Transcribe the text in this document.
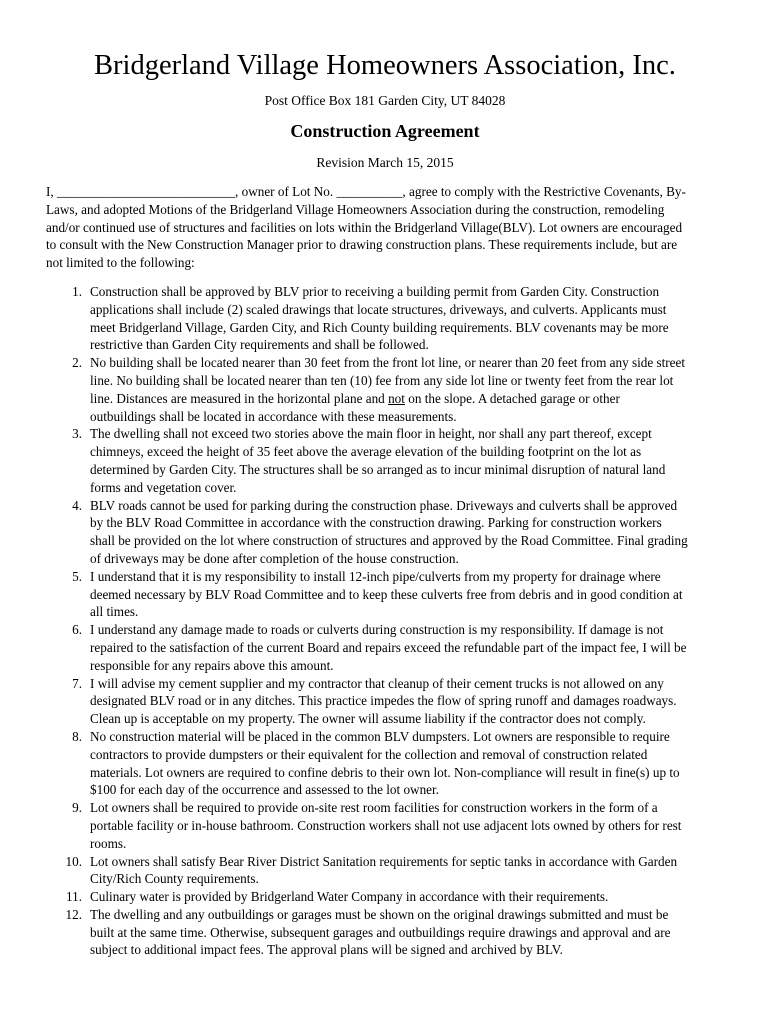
Bridgerland Village Homeowners Association, Inc.
Post Office Box 181 Garden City, UT 84028
Construction Agreement
Revision March 15, 2015
I, ___________________________, owner of Lot No. __________, agree to comply with the Restrictive Covenants, By-
Laws, and adopted Motions of the Bridgerland Village Homeowners Association during the construction, remodeling
and/or continued use of structures and facilities on lots within the Bridgerland Village(BLV). Lot owners are encouraged
to consult with the New Construction Manager prior to drawing construction plans. These requirements include, but are
not limited to the following:
1. Construction shall be approved by BLV prior to receiving a building permit from Garden City. Construction
applications shall include (2) scaled drawings that locate structures, driveways, and culverts. Applicants must
meet Bridgerland Village, Garden City, and Rich County building requirements. BLV covenants may be more
restrictive than Garden City requirements and shall be followed.
2. No building shall be located nearer than 30 feet from the front lot line, or nearer than 20 feet from any side street
line. No building shall be located nearer than ten (10) fee from any side lot line or twenty feet from the rear lot
line. Distances are measured in the horizontal plane and not on the slope. A detached garage or other
outbuildings shall be located in accordance with these measurements.
3. The dwelling shall not exceed two stories above the main floor in height, nor shall any part thereof, except
chimneys, exceed the height of 35 feet above the average elevation of the building footprint on the lot as
determined by Garden City. The structures shall be so arranged as to incur minimal disruption of natural land
forms and vegetation cover.
4. BLV roads cannot be used for parking during the construction phase. Driveways and culverts shall be approved
by the BLV Road Committee in accordance with the construction drawing. Parking for construction workers
shall be provided on the lot where construction of structures and approved by the Road Committee. Final grading
of driveways may be done after completion of the house construction.
5. I understand that it is my responsibility to install 12-inch pipe/culverts from my property for drainage where
deemed necessary by BLV Road Committee and to keep these culverts free from debris and in good condition at
all times.
6. I understand any damage made to roads or culverts during construction is my responsibility. If damage is not
repaired to the satisfaction of the current Board and repairs exceed the refundable part of the impact fee, I will be
responsible for any repairs above this amount.
7. I will advise my cement supplier and my contractor that cleanup of their cement trucks is not allowed on any
designated BLV road or in any ditches. This practice impedes the flow of spring runoff and damages roadways.
Clean up is acceptable on my property. The owner will assume liability if the contractor does not comply.
8. No construction material will be placed in the common BLV dumpsters. Lot owners are responsible to require
contractors to provide dumpsters or their equivalent for the collection and removal of construction related
materials. Lot owners are required to confine debris to their own lot. Non-compliance will result in fine(s) up to
$100 for each day of the occurrence and assessed to the lot owner.
9. Lot owners shall be required to provide on-site rest room facilities for construction workers in the form of a
portable facility or in-house bathroom. Construction workers shall not use adjacent lots owned by others for rest
rooms.
10. Lot owners shall satisfy Bear River District Sanitation requirements for septic tanks in accordance with Garden
City/Rich County requirements.
11. Culinary water is provided by Bridgerland Water Company in accordance with their requirements.
12. The dwelling and any outbuildings or garages must be shown on the original drawings submitted and must be
built at the same time. Otherwise, subsequent garages and outbuildings require drawings and approval and are
subject to additional impact fees. The approval plans will be signed and archived by BLV.
